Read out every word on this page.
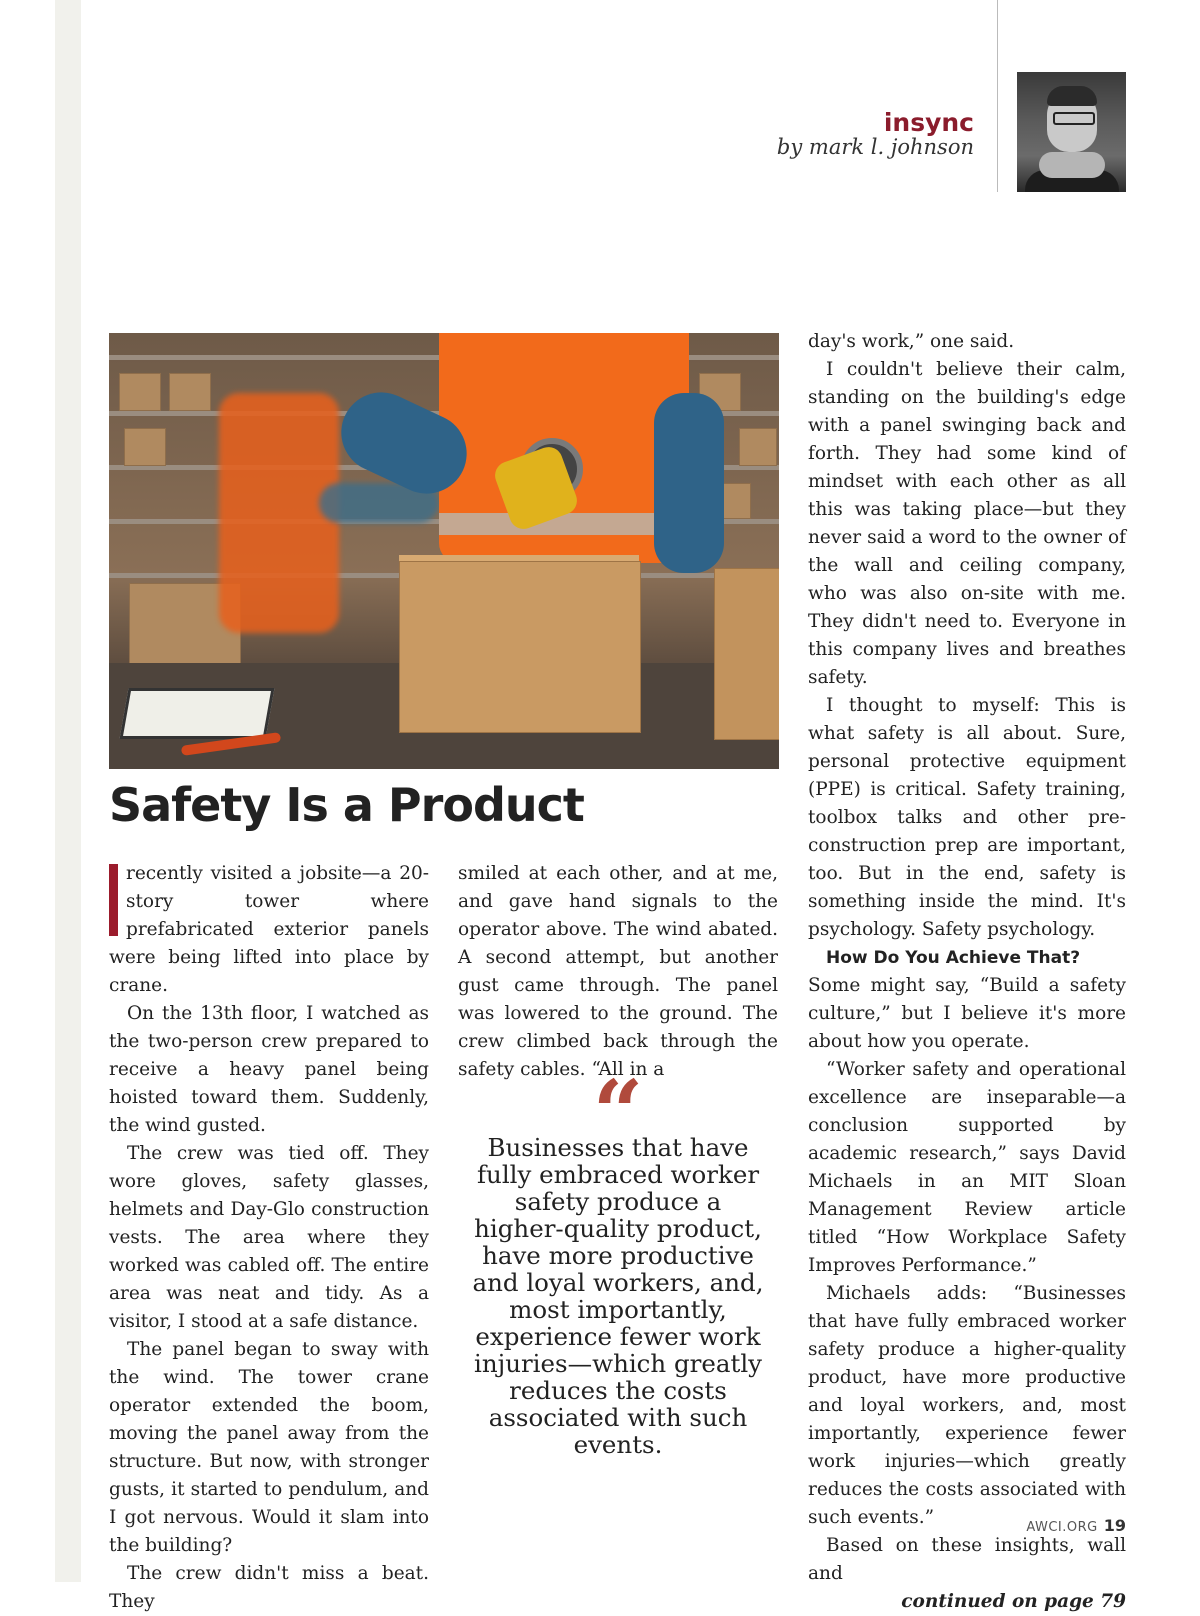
insync
by mark l. johnson
Safety Is a Product

recently visited a jobsite—a 20-story tower where prefabricated exterior panels were being lifted into place by crane.

On the 13th floor, I watched as the two-person crew prepared to receive a heavy panel being hoisted toward them. Suddenly, the wind gusted.

The crew was tied off. They wore gloves, safety glasses, helmets and Day-Glo construction vests. The area where they worked was cabled off. The entire area was neat and tidy. As a visitor, I stood at a safe distance.

The panel began to sway with the wind. The tower crane operator extended the boom, moving the panel away from the structure. But now, with stronger gusts, it started to pendulum, and I got nervous. Would it slam into the building?

The crew didn't miss a beat. They

smiled at each other, and at me, and gave hand signals to the operator above. The wind abated. A second attempt, but another gust came through. The panel was lowered to the ground. The crew climbed back through the safety cables. “All in a

“
Businesses that have fully embraced worker safety produce a higher-quality product, have more productive and loyal workers, and, most importantly, experience fewer work injuries—which greatly reduces the costs associated with such events.

day's work,” one said.

I couldn't believe their calm, standing on the building's edge with a panel swinging back and forth. They had some kind of mindset with each other as all this was taking place—but they never said a word to the owner of the wall and ceiling company, who was also on-site with me. They didn't need to. Everyone in this company lives and breathes safety.

I thought to myself: This is what safety is all about. Sure, personal protective equipment (PPE) is critical. Safety training, toolbox talks and other pre-construction prep are important, too. But in the end, safety is something inside the mind. It's psychology. Safety psychology.

How Do You Achieve That?

Some might say, “Build a safety culture,” but I believe it's more about how you operate.

“Worker safety and operational excellence are inseparable—a conclusion supported by academic research,” says David Michaels in an MIT Sloan Management Review article titled “How Workplace Safety Improves Performance.”

Michaels adds: “Businesses that have fully embraced worker safety produce a higher-quality product, have more productive and loyal workers, and, most importantly, experience fewer work injuries—which greatly reduces the costs associated with such events.”

Based on these insights, wall and

continued on page 79

AWCI.ORG 19
